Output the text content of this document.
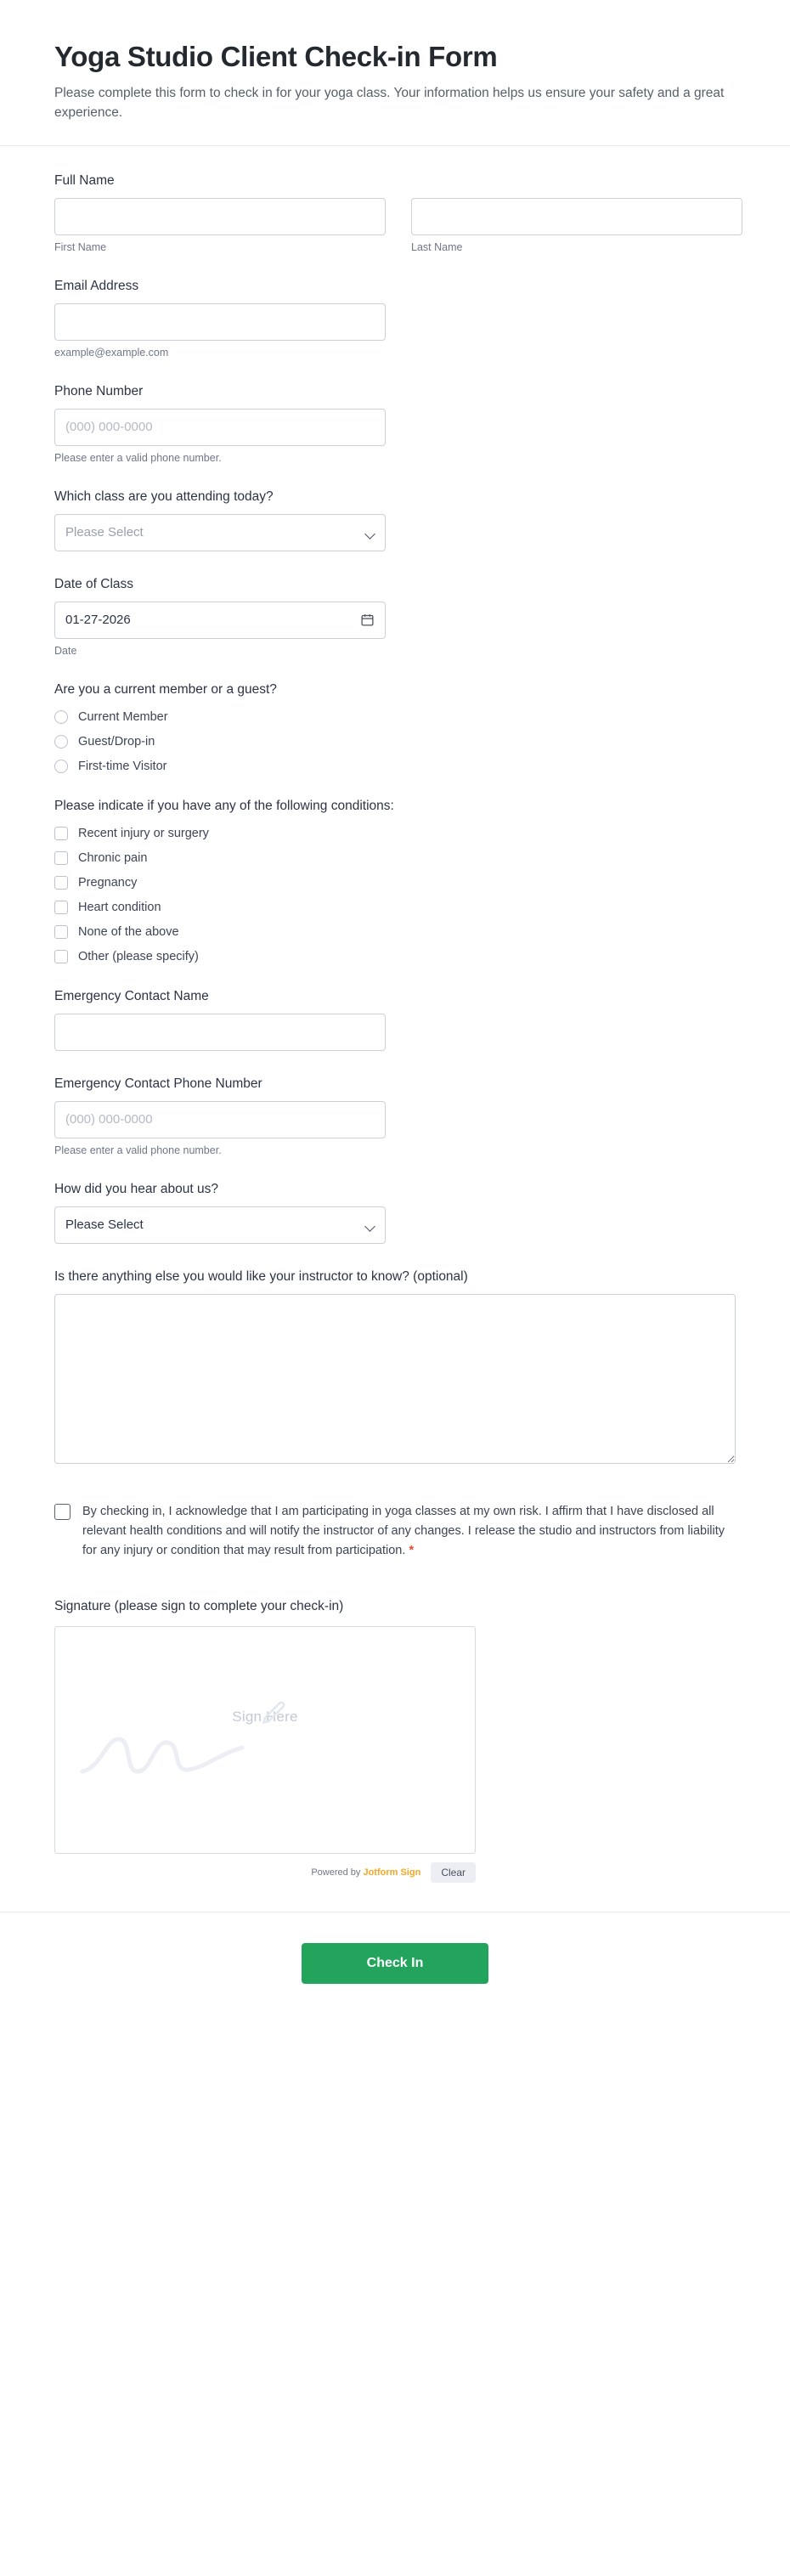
Yoga Studio Client Check-in Form

Please complete this form to check in for your yoga class. Your information helps us ensure your safety and a great experience.

Full Name
First Name	Last Name
Email Address
example@example.com
Phone Number
(000) 000-0000
Please enter a valid phone number.
Which class are you attending today?
Please Select
Date of Class
01-27-2026
Date
Are you a current member or a guest?
Current Member
Guest/Drop-in
First-time Visitor
Please indicate if you have any of the following conditions:
Recent injury or surgery
Chronic pain
Pregnancy
Heart condition
None of the above
Other (please specify)
Emergency Contact Name
Emergency Contact Phone Number
(000) 000-0000
Please enter a valid phone number.
How did you hear about us?
Please Select
Is there anything else you would like your instructor to know? (optional)
By checking in, I acknowledge that I am participating in yoga classes at my own risk. I affirm that I have disclosed all relevant health conditions and will notify the instructor of any changes. I release the studio and instructors from liability for any injury or condition that may result from participation. *
Signature (please sign to complete your check-in)
Sign Here
Powered by Jotform Sign	Clear
Check In
